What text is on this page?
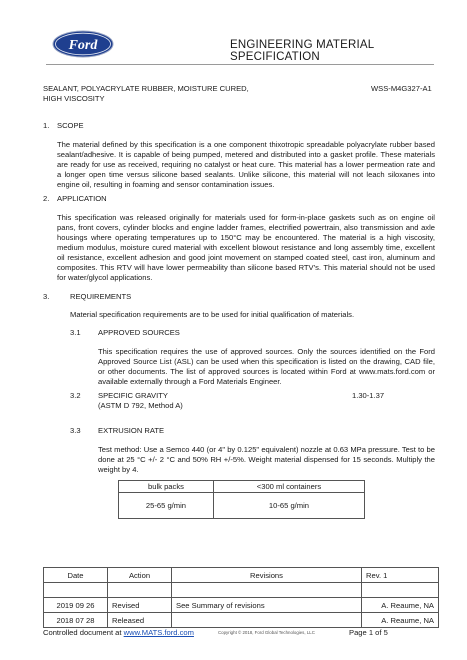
Ford	ENGINEERING MATERIAL SPECIFICATION
SEALANT, POLYACRYLATE RUBBER, MOISTURE CURED,
HIGH VISCOSITY
WSS-M4G327-A1
1. SCOPE
The material defined by this specification is a one component thixotropic spreadable polyacrylate rubber based sealant/adhesive. It is capable of being pumped, metered and distributed into a gasket profile. These materials are ready for use as received, requiring no catalyst or heat cure. This material has a lower permeation rate and a longer open time versus silicone based sealants. Unlike silicone, this material will not leach siloxanes into engine oil, resulting in foaming and sensor contamination issues.
2. APPLICATION
This specification was released originally for materials used for form-in-place gaskets such as on engine oil pans, front covers, cylinder blocks and engine ladder frames, electrified powertrain, also transmission and axle housings where operating temperatures up to 150°C may be encountered. The material is a high viscosity, medium modulus, moisture cured material with excellent blowout resistance and long assembly time, excellent oil resistance, excellent adhesion and good joint movement on stamped coated steel, cast iron, aluminum and composites. This RTV will have lower permeability than silicone based RTV's. This material should not be used for water/glycol applications.
3.	REQUIREMENTS
Material specification requirements are to be used for initial qualification of materials.
3.1 APPROVED SOURCES
This specification requires the use of approved sources. Only the sources identified on the Ford Approved Source List (ASL) can be used when this specification is listed on the drawing, CAD file, or other documents. The list of approved sources is located within Ford at www.mats.ford.com or available externally through a Ford Materials Engineer.
3.2 SPECIFIC GRAVITY
(ASTM D 792, Method A)
1.30-1.37
3.3 EXTRUSION RATE
Test method: Use a Semco 440 (or 4" by 0.125" equivalent) nozzle at 0.63 MPa pressure. Test to be done at 25 °C +/- 2 °C and 50% RH +/-5%. Weight material dispensed for 15 seconds. Multiply the weight by 4.
bulk packs	<300 ml containers
25-65 g/min	10-65 g/min
Date	Action	Revisions	Rev. 1

2019 09 26	Revised	See Summary of revisions	A. Reaume, NA
2018 07 28	Released		A. Reaume, NA
Controlled document at www.MATS.ford.com	Copyright © 2018, Ford Global Technologies, LLC	Page 1 of 5
